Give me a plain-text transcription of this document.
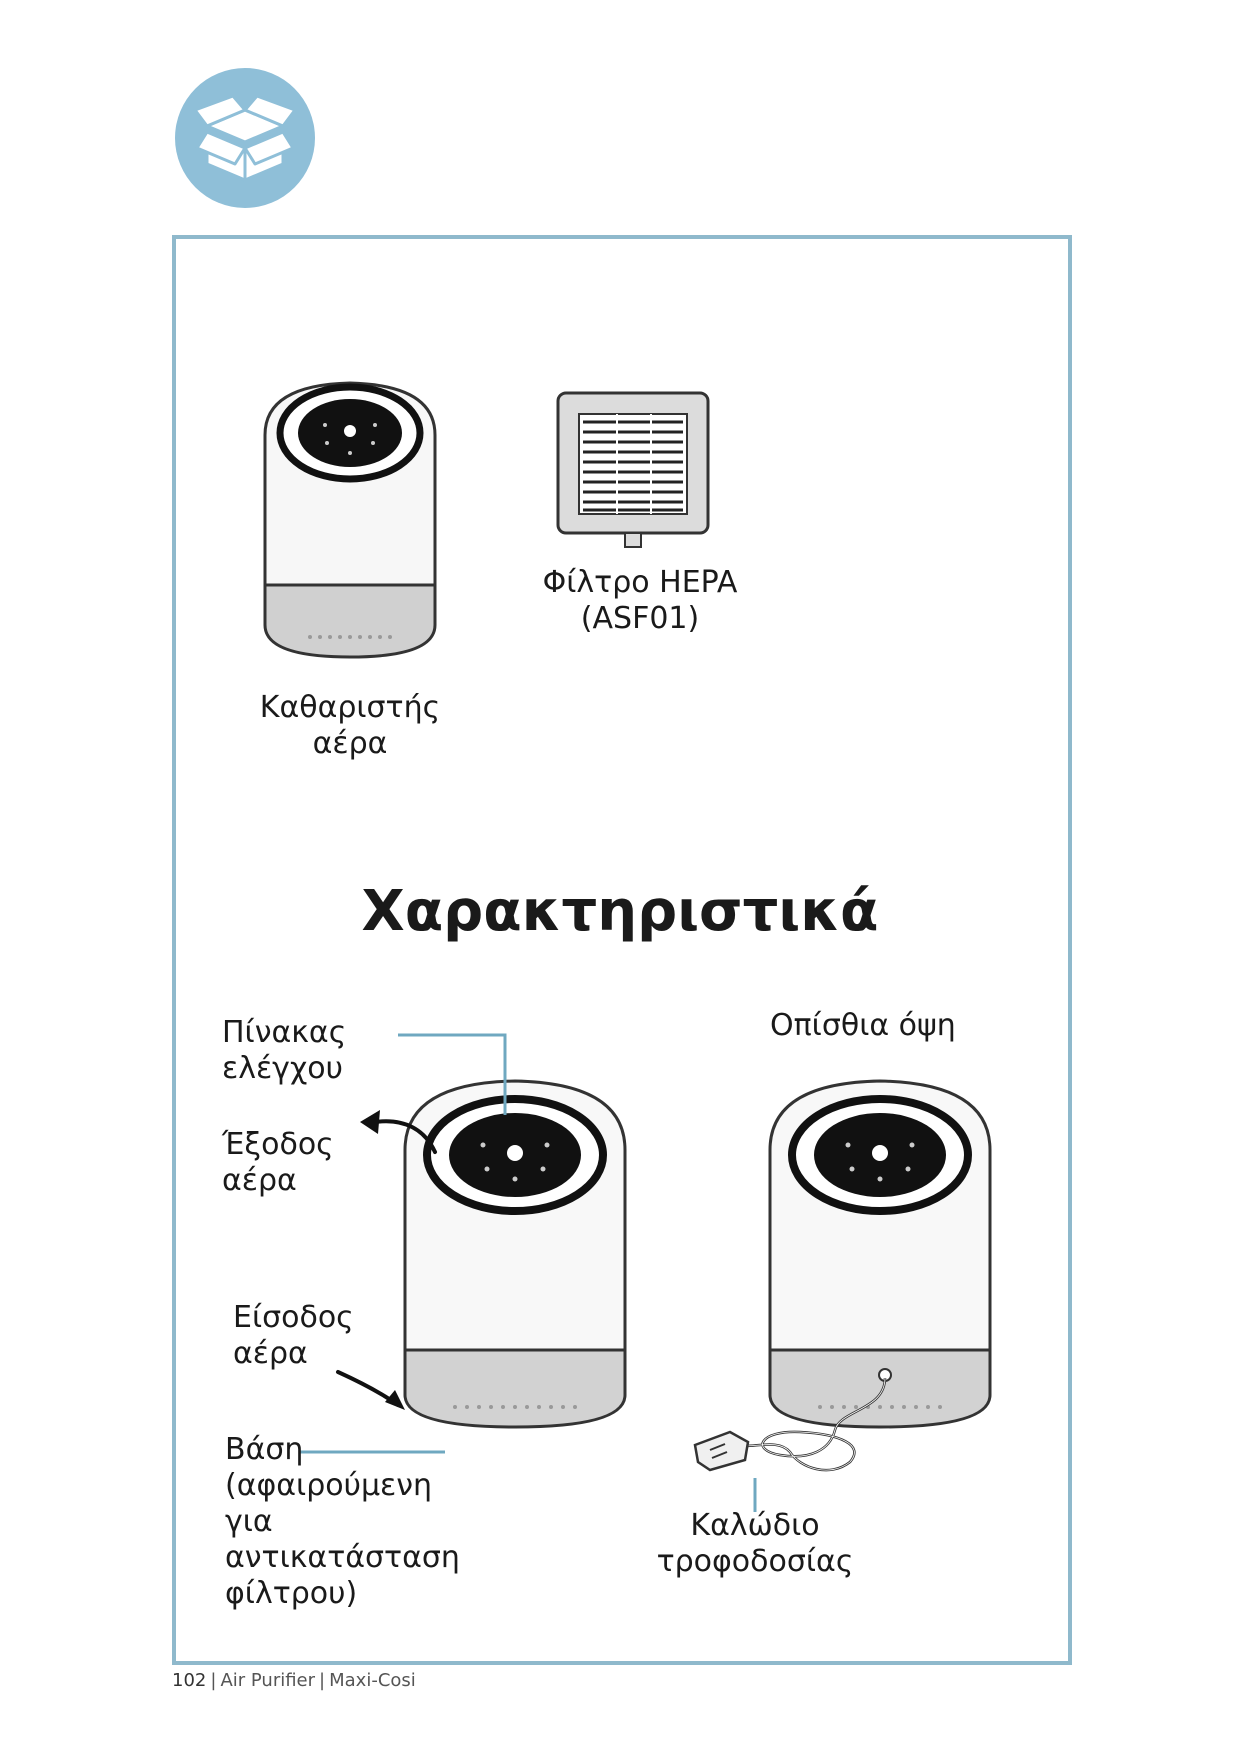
Καθαριστής
αέρα
Φίλτρο HEPA
(ASF01)
Χαρακτηριστικά
Πίνακας
ελέγχου
Έξοδος
αέρα
Είσοδος
αέρα
Βάση
(αφαιρούμενη
για
αντικατάσταση
φίλτρου)
Οπίσθια όψη
Καλώδιο
τροφοδοσίας
102 | Air Purifier | Maxi-Cosi
